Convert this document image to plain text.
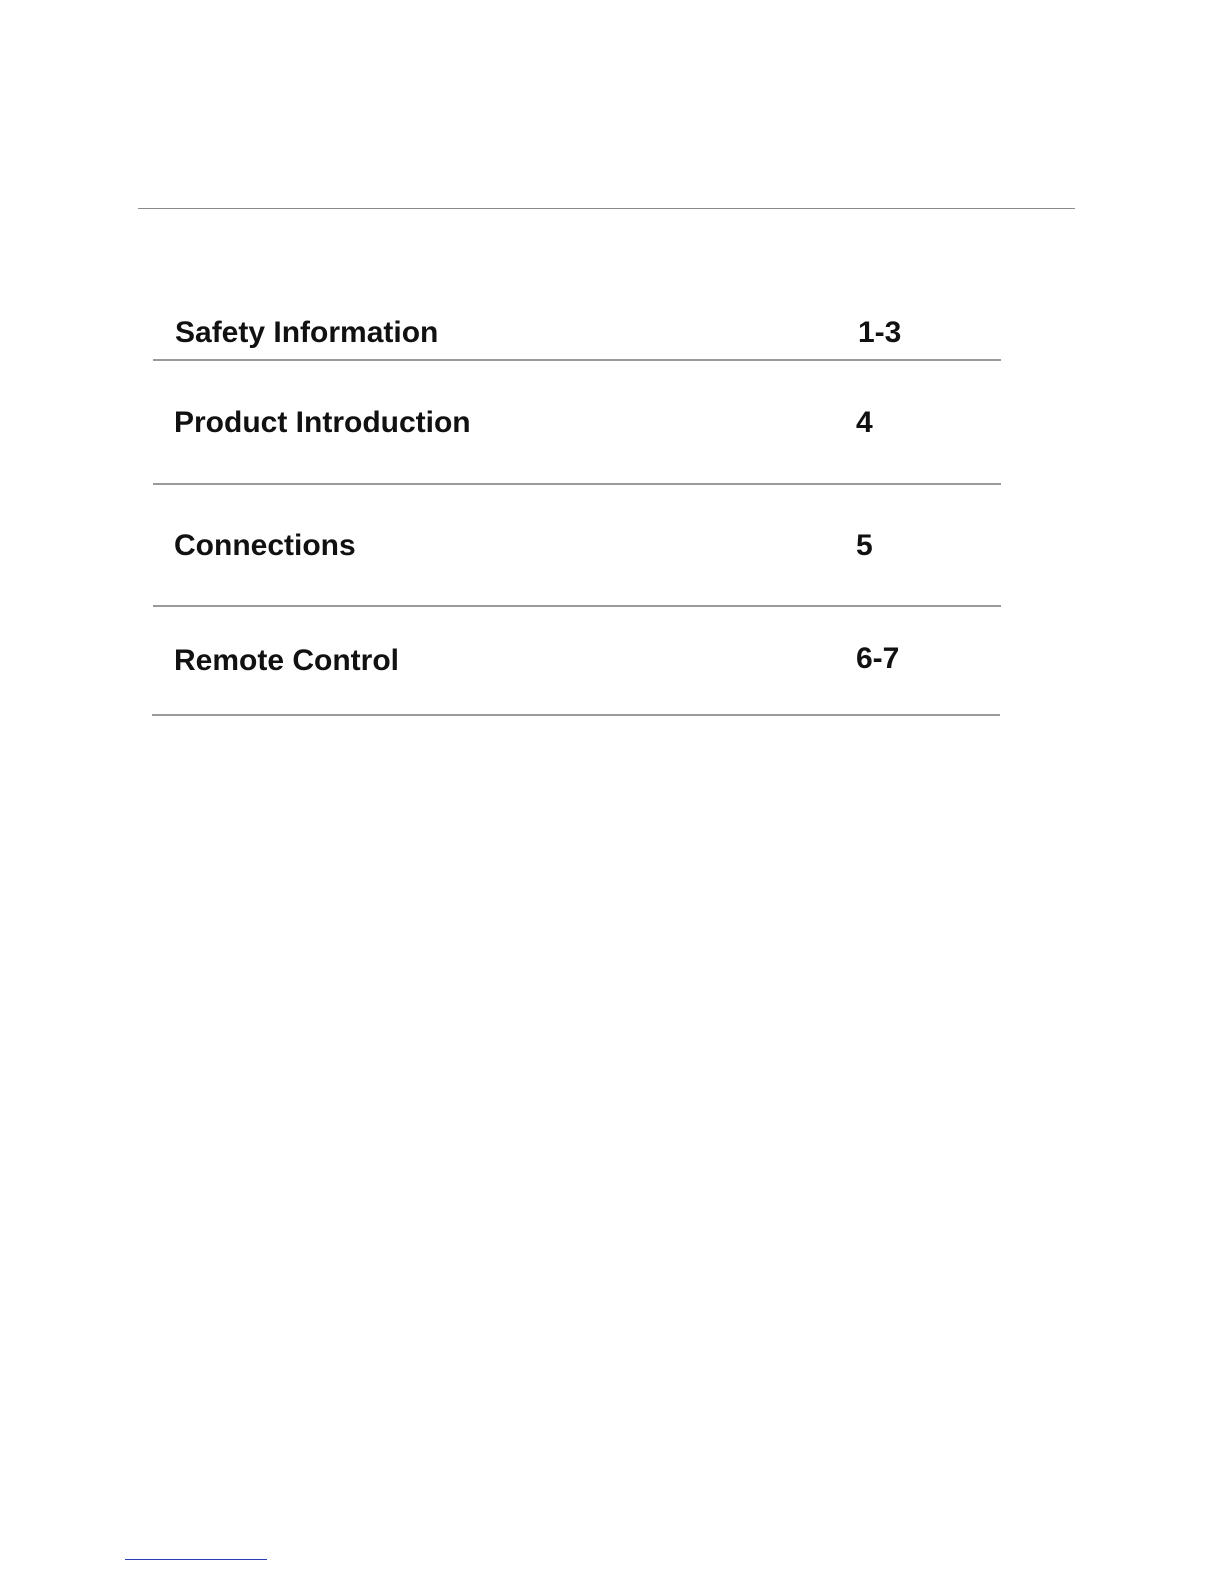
Safety Information	1-3
Product Introduction	4
Connections	5
Remote Control	6-7
